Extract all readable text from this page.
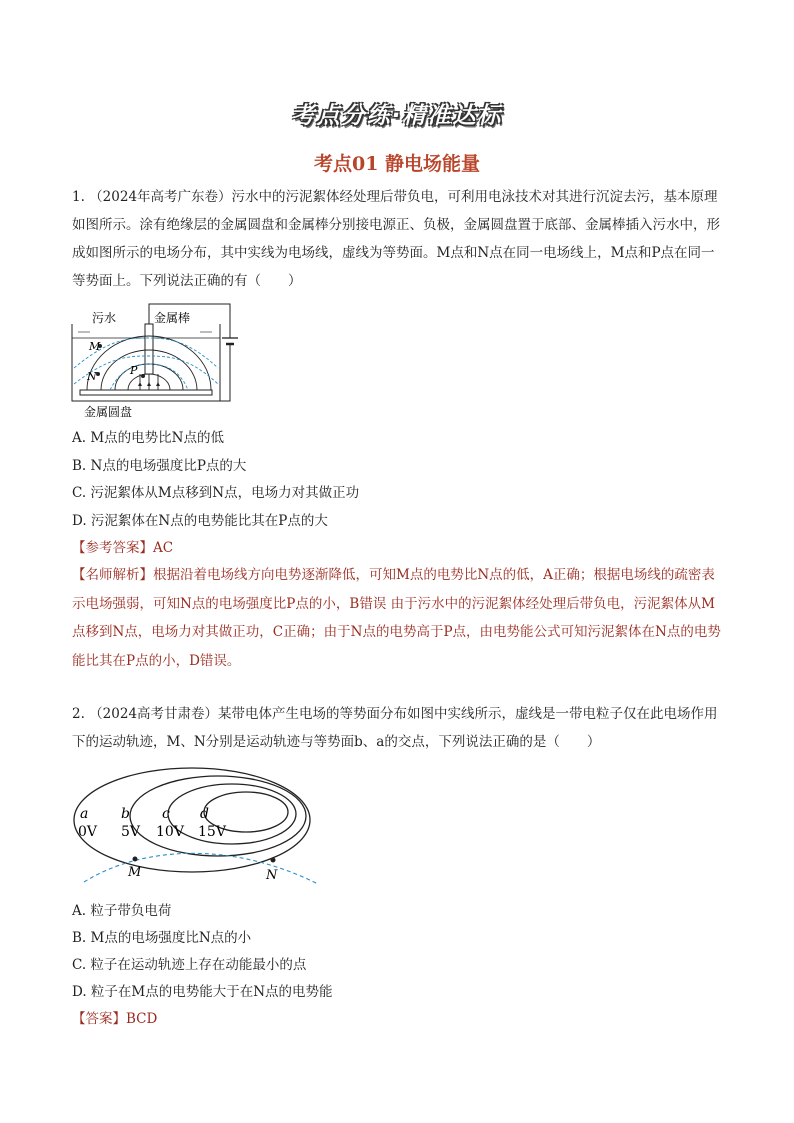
考点分练·精准达标
考点01 静电场能量
1. （2024年高考广东卷）污水中的污泥絮体经处理后带负电，可利用电泳技术对其进行沉淀去污，基本原理如图所示。涂有绝缘层的金属圆盘和金属棒分别接电源正、负极，金属圆盘置于底部、金属棒插入污水中，形成如图所示的电场分布，其中实线为电场线，虚线为等势面。M点和N点在同一电场线上，M点和P点在同一等势面上。下列说法正确的有（　　）
M
N	P
污水	金属棒
金属圆盘
A. M点的电势比N点的低
B. N点的电场强度比P点的大
C. 污泥絮体从M点移到N点，电场力对其做正功
D. 污泥絮体在N点的电势能比其在P点的大
【参考答案】AC
【名师解析】根据沿着电场线方向电势逐渐降低，可知M点的电势比N点的低，A正确；根据电场线的疏密表示电场强弱，可知N点的电场强度比P点的小，B错误 由于污水中的污泥絮体经处理后带负电，污泥絮体从M点移到N点，电场力对其做正功，C正确；由于N点的电势高于P点，由电势能公式可知污泥絮体在N点的电势能比其在P点的小，D错误。
2. （2024高考甘肃卷）某带电体产生电场的等势面分布如图中实线所示，虚线是一带电粒子仅在此电场作用下的运动轨迹，M、N分别是运动轨迹与等势面b、a的交点，下列说法正确的是（　　）
a
0V
b
5V
c
10V
d
15V
M	N
A. 粒子带负电荷
B. M点的电场强度比N点的小
C. 粒子在运动轨迹上存在动能最小的点
D. 粒子在M点的电势能大于在N点的电势能
【答案】BCD
